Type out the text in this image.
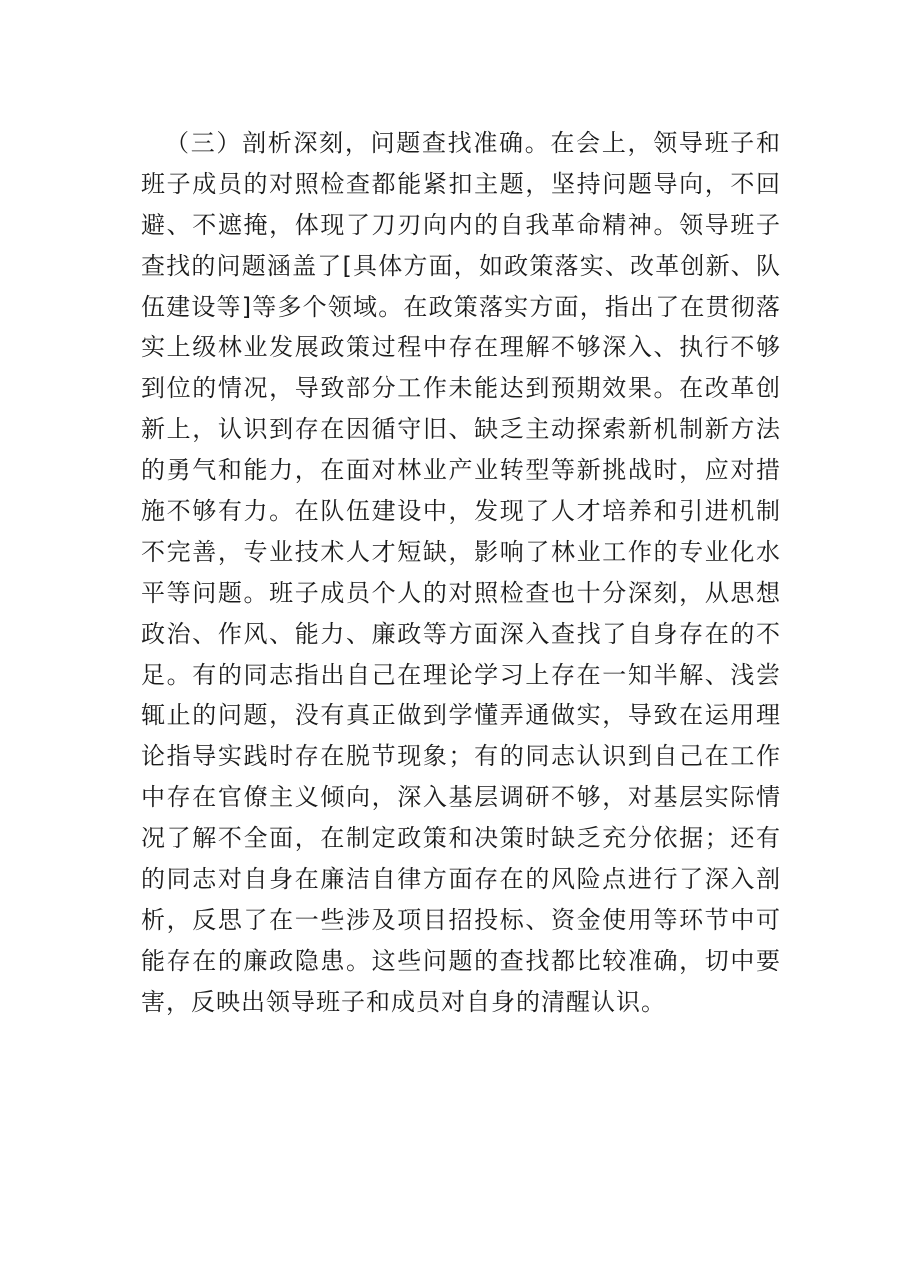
（三）剖析深刻，问题查找准确。在会上，领导班子和
班子成员的对照检查都能紧扣主题，坚持问题导向，不回
避、不遮掩，体现了刀刃向内的自我革命精神。领导班子
查找的问题涵盖了[具体方面，如政策落实、改革创新、队
伍建设等]等多个领域。在政策落实方面，指出了在贯彻落
实上级林业发展政策过程中存在理解不够深入、执行不够
到位的情况，导致部分工作未能达到预期效果。在改革创
新上，认识到存在因循守旧、缺乏主动探索新机制新方法
的勇气和能力，在面对林业产业转型等新挑战时，应对措
施不够有力。在队伍建设中，发现了人才培养和引进机制
不完善，专业技术人才短缺，影响了林业工作的专业化水
平等问题。班子成员个人的对照检查也十分深刻，从思想
政治、作风、能力、廉政等方面深入查找了自身存在的不
足。有的同志指出自己在理论学习上存在一知半解、浅尝
辄止的问题，没有真正做到学懂弄通做实，导致在运用理
论指导实践时存在脱节现象；有的同志认识到自己在工作
中存在官僚主义倾向，深入基层调研不够，对基层实际情
况了解不全面，在制定政策和决策时缺乏充分依据；还有
的同志对自身在廉洁自律方面存在的风险点进行了深入剖
析，反思了在一些涉及项目招投标、资金使用等环节中可
能存在的廉政隐患。这些问题的查找都比较准确，切中要
害，反映出领导班子和成员对自身的清醒认识。
